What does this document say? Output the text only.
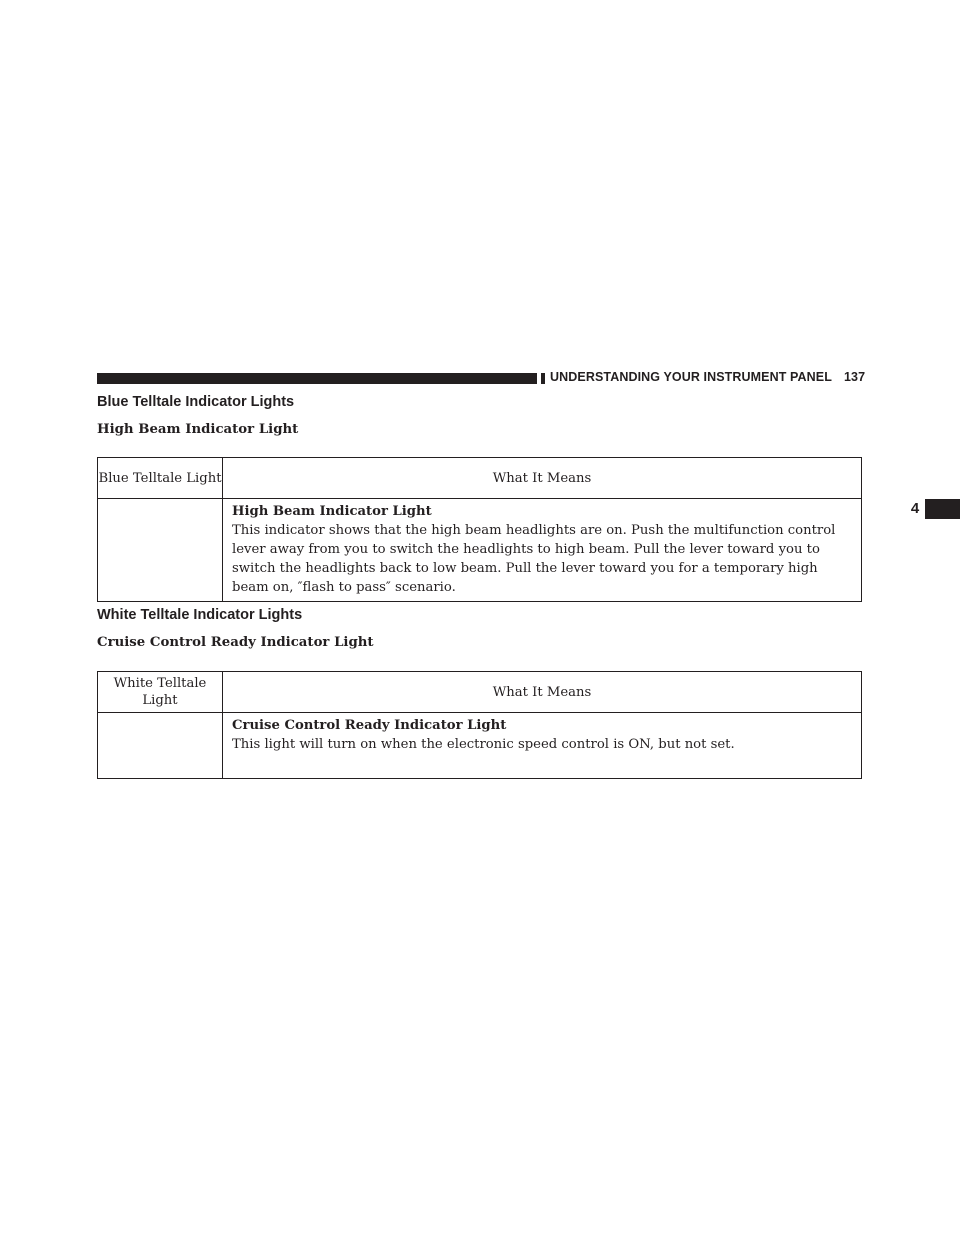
UNDERSTANDING YOUR INSTRUMENT PANEL 137
4
Blue Telltale Indicator Lights
High Beam Indicator Light
Blue Telltale Light	What It Means

	High Beam Indicator Light
This indicator shows that the high beam headlights are on. Push the multifunction control lever away from you to switch the headlights to high beam. Pull the lever toward you to switch the headlights back to low beam. Pull the lever toward you for a temporary high beam on, ″flash to pass″ scenario.
White Telltale Indicator Lights
Cruise Control Ready Indicator Light
White Telltale Light	What It Means

	Cruise Control Ready Indicator Light
This light will turn on when the electronic speed control is ON, but not set.
